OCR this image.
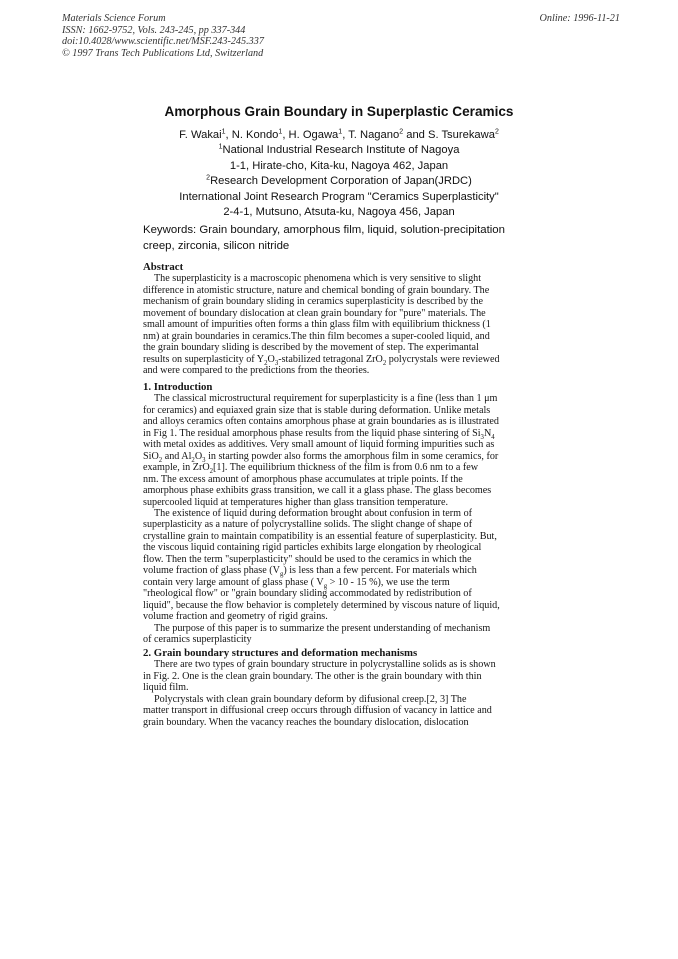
Materials Science Forum
ISSN: 1662-9752, Vols. 243-245, pp 337-344
doi:10.4028/www.scientific.net/MSF.243-245.337
© 1997 Trans Tech Publications Ltd, Switzerland
Online: 1996-11-21
Amorphous Grain Boundary in Superplastic Ceramics
F. Wakai$^1$, N. Kondo$^1$, H. Ogawa$^1$, T. Nagano$^2$ and S. Tsurekawa$^2$
$^1$National Industrial Research Institute of Nagoya
1-1, Hirate-cho, Kita-ku, Nagoya 462, Japan
$^2$Research Development Corporation of Japan(JRDC)
International Joint Research Program "Ceramics Superplasticity"
2-4-1, Mutsuno, Atsuta-ku, Nagoya 456, Japan
Keywords: Grain boundary, amorphous film, liquid, solution-precipitation
creep, zirconia, silicon nitride
Abstract
The superplasticity is a macroscopic phenomena which is very sensitive to slight
difference in atomistic structure, nature and chemical bonding of grain boundary. The
mechanism of grain boundary sliding in ceramics superplasticity is described by the
movement of boundary dislocation at clean grain boundary for "pure" materials. The
small amount of impurities often forms a thin glass film with equilibrium thickness (1
nm) at grain boundaries in ceramics.The thin film becomes a super-cooled liquid, and
the grain boundary sliding is described by the movement of step. The experimantal
results on superplasticity of $Y_2O_3$-stabilized tetragonal ZrO$_2$ polycrystals were reviewed
and were compared to the predictions from the theories.
1. Introduction
The classical microstructural requirement for superplasticity is a fine (less than 1 μm
for ceramics) and equiaxed grain size that is stable during deformation. Unlike metals
and alloys ceramics often contains amorphous phase at grain boundaries as is illustrated
in Fig 1. The residual amorphous phase results from the liquid phase sintering of $Si_3N_4$
with metal oxides as additives. Very small amount of liquid forming impurities such as
SiO$_2$ and $Al_2O_3$ in starting powder also forms the amorphous film in some ceramics, for
example, in ZrO$_2$[1]. The equilibrium thickness of the film is from 0.6 nm to a few
nm. The excess amount of amorphous phase accumulates at triple points. If the
amorphous phase exhibits grass transition, we call it a glass phase. The glass becomes
supercooled liquid at temperatures higher than glass transition temperature.
The existence of liquid during deformation brought about confusion in term of
superplasticity as a nature of polycrystalline solids. The slight change of shape of
crystalline grain to maintain compatibility is an essential feature of superplasticity. But,
the viscous liquid containing rigid particles exhibits large elongation by rheological
flow. Then the term "superplasticity" should be used to the ceramics in which the
volume fraction of glass phase $(V_g)$ is less than a few percent. For materials which
contain very large amount of glass phase ( $V_g > 10 - 15$ %), we use the term
"rheological flow" or "grain boundary sliding accommodated by redistribution of
liquid", because the flow behavior is completely determined by viscous nature of liquid,
volume fraction and geometry of rigid grains.
The purpose of this paper is to summarize the present understanding of mechanism
of ceramics superplasticity
2. Grain boundary structures and deformation mechanisms
There are two types of grain boundary structure in polycrystalline solids as is shown
in Fig. 2. One is the clean grain boundary. The other is the grain boundary with thin
liquid film.
Polycrystals with clean grain boundary deform by difusional creep.[2, 3] The
matter transport in diffusional creep occurs through diffusion of vacancy in lattice and
grain boundary. When the vacancy reaches the boundary dislocation, dislocation
